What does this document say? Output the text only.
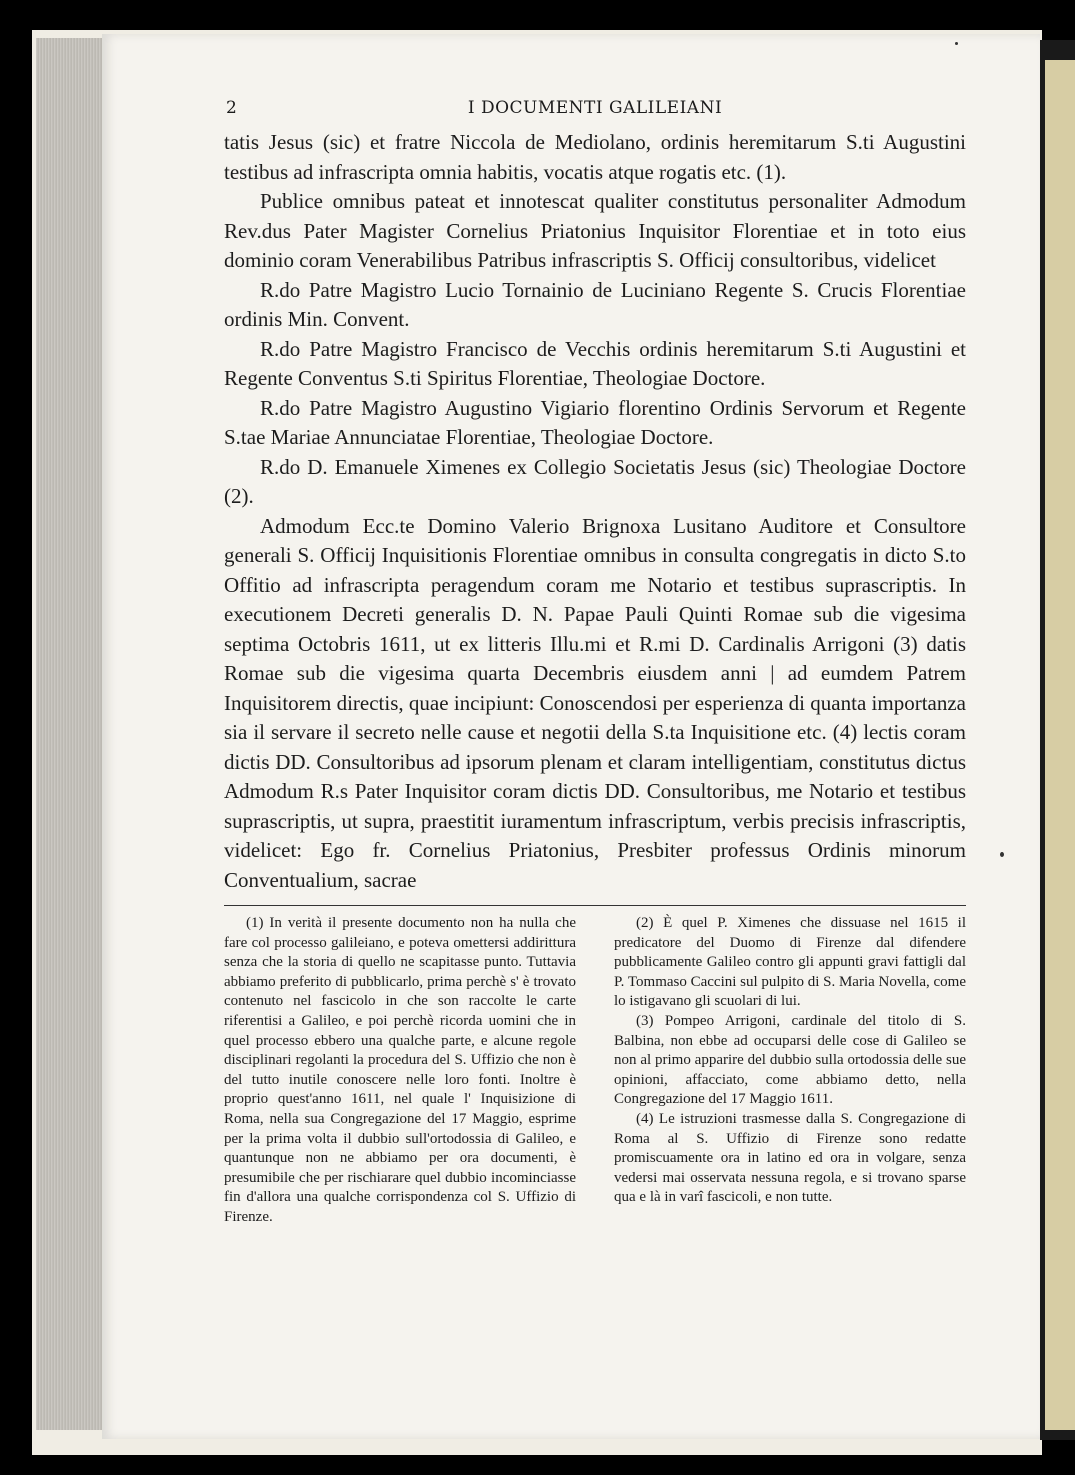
2	I DOCUMENTI GALILEIANI

tatis Jesus (sic) et fratre Niccola de Mediolano, ordinis heremitarum S.ti Augustini testibus ad infrascripta omnia habitis, vocatis atque rogatis etc. (1).

Publice omnibus pateat et innotescat qualiter constitutus personaliter Admodum Rev.dus Pater Magister Cornelius Priatonius Inquisitor Florentiae et in toto eius dominio coram Venerabilibus Patribus infrascriptis S. Officij consultoribus, videlicet

R.do Patre Magistro Lucio Tornainio de Luciniano Regente S. Crucis Florentiae ordinis Min. Convent.

R.do Patre Magistro Francisco de Vecchis ordinis heremitarum S.ti Augustini et Regente Conventus S.ti Spiritus Florentiae, Theologiae Doctore.

R.do Patre Magistro Augustino Vigiario florentino Ordinis Servorum et Regente S.tae Mariae Annunciatae Florentiae, Theologiae Doctore.

R.do D. Emanuele Ximenes ex Collegio Societatis Jesus (sic) Theologiae Doctore (2).

Admodum Ecc.te Domino Valerio Brignoxa Lusitano Auditore et Consultore generali S. Officij Inquisitionis Florentiae omnibus in consulta congregatis in dicto S.to Offitio ad infrascripta peragendum coram me Notario et testibus suprascriptis. In executionem Decreti generalis D. N. Papae Pauli Quinti Romae sub die vigesima septima Octobris 1611, ut ex litteris Illu.mi et R.mi D. Cardinalis Arrigoni (3) datis Romae sub die vigesima quarta Decembris eiusdem anni | ad eumdem Patrem Inquisitorem directis, quae incipiunt: Conoscendosi per esperienza di quanta importanza sia il servare il secreto nelle cause et negotii della S.ta Inquisitione etc. (4) lectis coram dictis DD. Consultoribus ad ipsorum plenam et claram intelligentiam, constitutus dictus Admodum R.s Pater Inquisitor coram dictis DD. Consultoribus, me Notario et testibus suprascriptis, ut supra, praestitit iuramentum infrascriptum, verbis precisis infrascriptis, videlicet: Ego fr. Cornelius Priatonius, Presbiter professus Ordinis minorum Conventualium, sacrae

(1) In verità il presente documento non ha nulla che fare col processo galileiano, e poteva omettersi addirittura senza che la storia di quello ne scapitasse punto. Tuttavia abbiamo preferito di pubblicarlo, prima perchè s' è trovato contenuto nel fascicolo in che son raccolte le carte riferentisi a Galileo, e poi perchè ricorda uomini che in quel processo ebbero una qualche parte, e alcune regole disciplinari regolanti la procedura del S. Uffizio che non è del tutto inutile conoscere nelle loro fonti. Inoltre è proprio quest'anno 1611, nel quale l' Inquisizione di Roma, nella sua Congregazione del 17 Maggio, esprime per la prima volta il dubbio sull'ortodossia di Galileo, e quantunque non ne abbiamo per ora documenti, è presumibile che per rischiarare quel dubbio incominciasse fin d'allora una qualche corrispondenza col S. Uffizio di Firenze.

(2) È quel P. Ximenes che dissuase nel 1615 il predicatore del Duomo di Firenze dal difendere pubblicamente Galileo contro gli appunti gravi fattigli dal P. Tommaso Caccini sul pulpito di S. Maria Novella, come lo istigavano gli scuolari di lui.

(3) Pompeo Arrigoni, cardinale del titolo di S. Balbina, non ebbe ad occuparsi delle cose di Galileo se non al primo apparire del dubbio sulla ortodossia delle sue opinioni, affacciato, come abbiamo detto, nella Congregazione del 17 Maggio 1611.

(4) Le istruzioni trasmesse dalla S. Congregazione di Roma al S. Uffizio di Firenze sono redatte promiscuamente ora in latino ed ora in volgare, senza vedersi mai osservata nessuna regola, e si trovano sparse qua e là in varî fascicoli, e non tutte.
